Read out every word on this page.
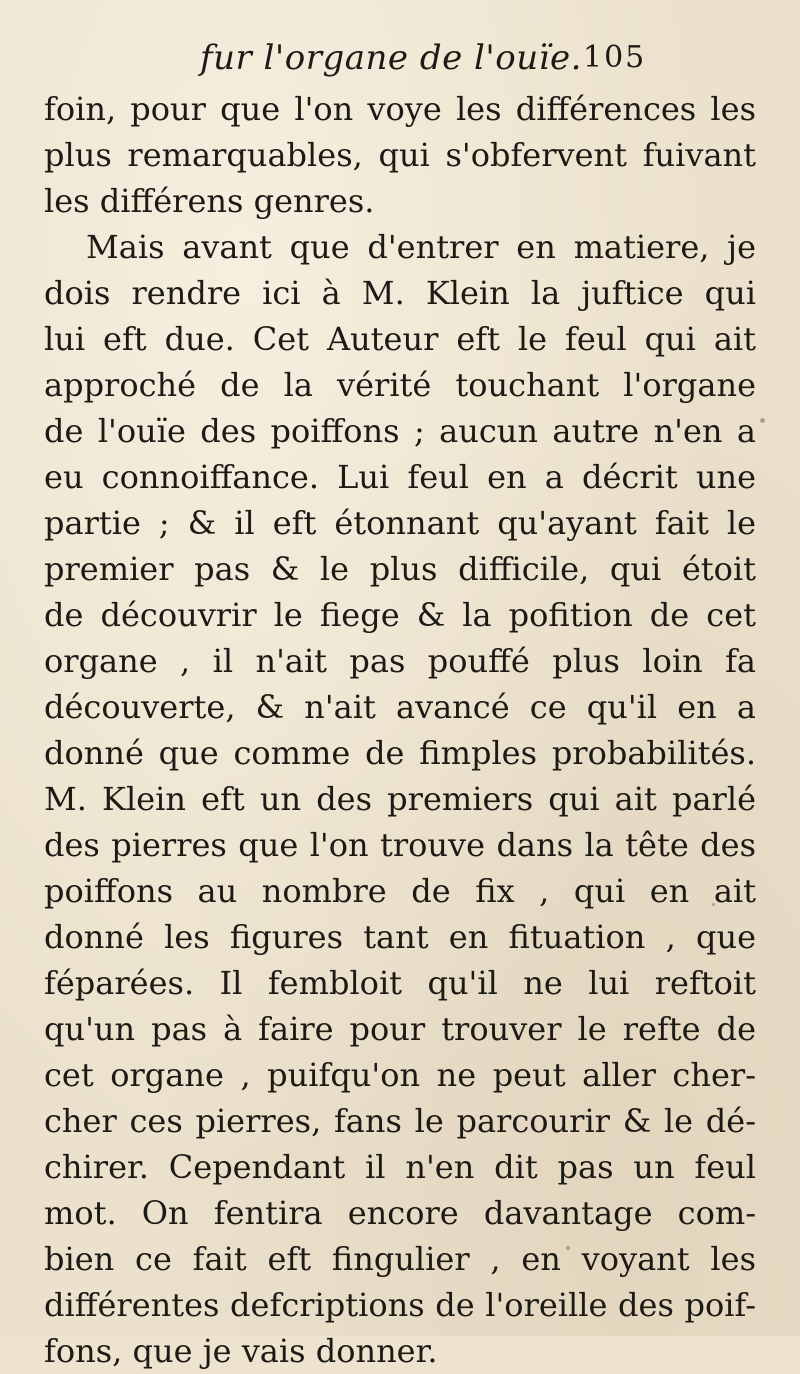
fur l'organe de l'ouïe. 105
foin, pour que l'on voye les différences les
plus remarquables, qui s'obfervent fuivant
les différens genres.
Mais avant que d'entrer en matiere, je
dois rendre ici à M. Klein la juftice qui
lui eft due. Cet Auteur eft le feul qui ait
approché de la vérité touchant l'organe
de l'ouïe des poiffons ; aucun autre n'en a
eu connoiffance. Lui feul en a décrit une
partie ; & il eft étonnant qu'ayant fait le
premier pas & le plus difficile, qui étoit
de découvrir le fiege & la pofition de cet
organe , il n'ait pas pouffé plus loin fa
découverte, & n'ait avancé ce qu'il en a
donné que comme de fimples probabilités.
M. Klein eft un des premiers qui ait parlé
des pierres que l'on trouve dans la tête des
poiffons au nombre de fix , qui en ait
donné les figures tant en fituation , que
féparées. Il fembloit qu'il ne lui reftoit
qu'un pas à faire pour trouver le refte de
cet organe , puifqu'on ne peut aller cher-
cher ces pierres, fans le parcourir & le dé-
chirer. Cependant il n'en dit pas un feul
mot. On fentira encore davantage com-
bien ce fait eft fingulier , en voyant les
différentes defcriptions de l'oreille des poif-
fons, que je vais donner.
